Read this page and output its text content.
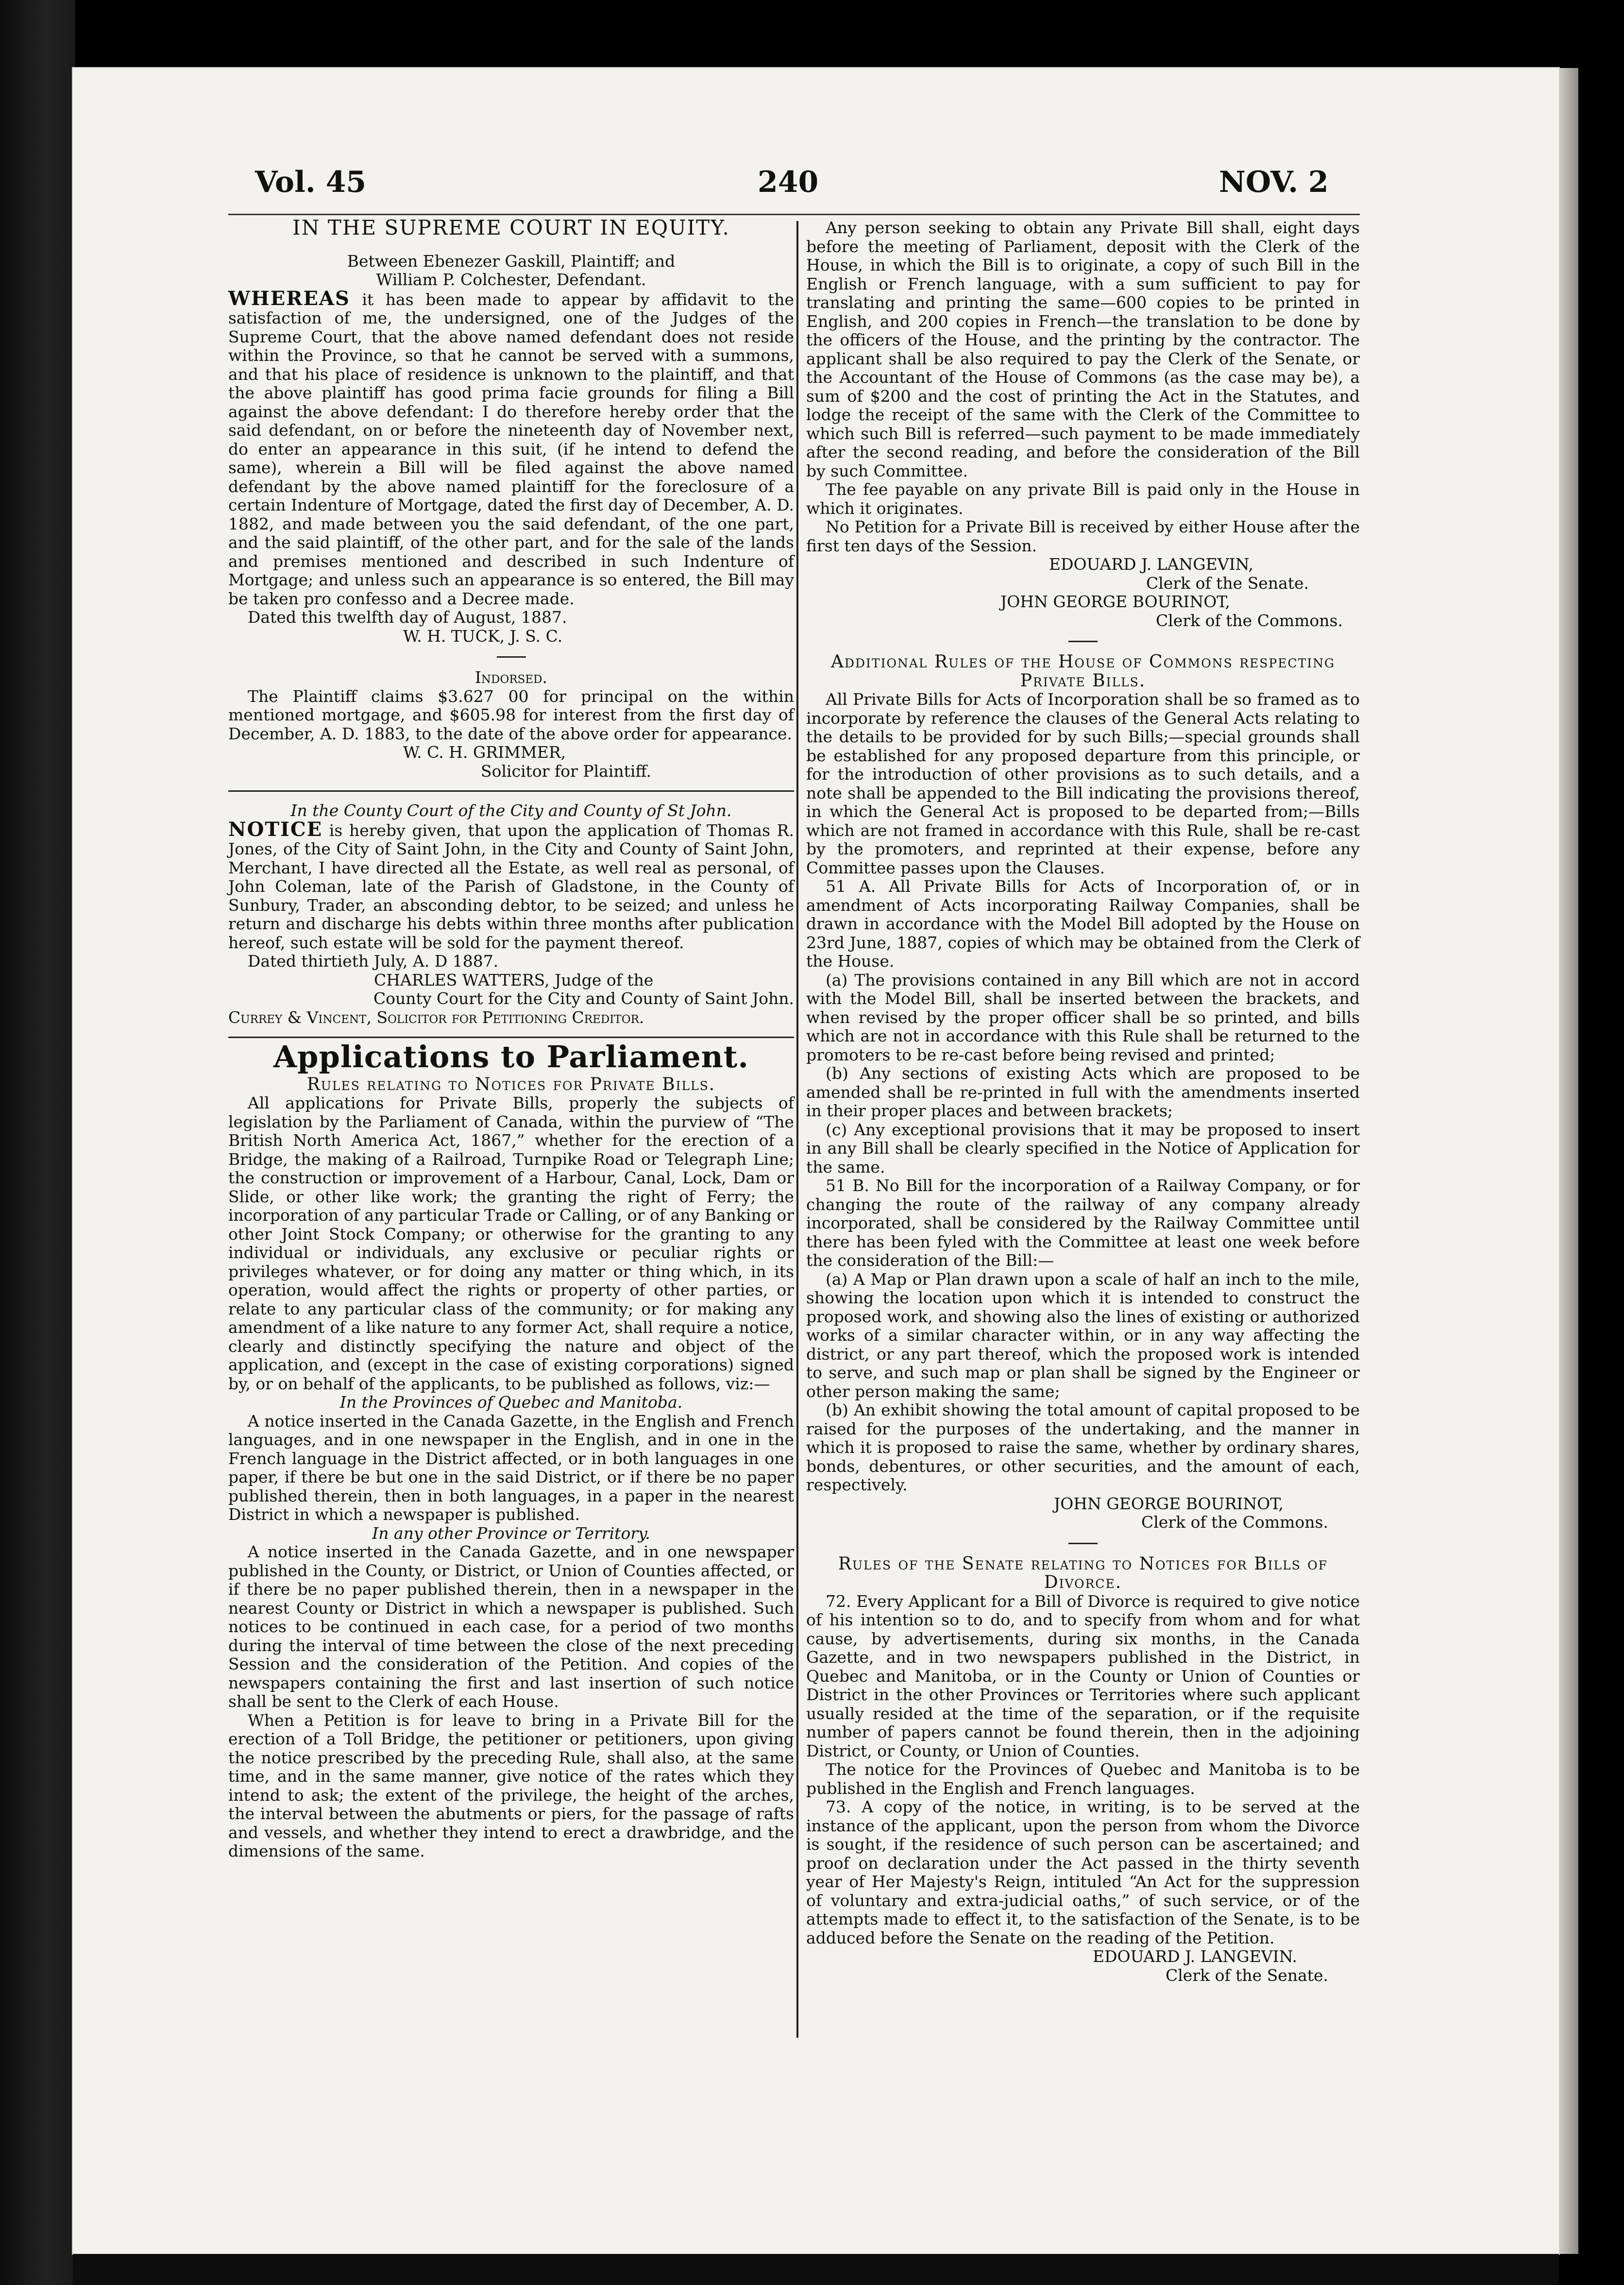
Vol. 45	240	NOV. 2

IN THE SUPREME COURT IN EQUITY.

Between Ebenezer Gaskill, Plaintiff; and

William P. Colchester, Defendant.

WHEREAS it has been made to appear by affidavit to the satisfaction of me, the undersigned, one of the Judges of the Supreme Court, that the above named defendant does not reside within the Province, so that he cannot be served with a summons, and that his place of residence is unknown to the plaintiff, and that the above plaintiff has good prima facie grounds for filing a Bill against the above defendant: I do therefore hereby order that the said defendant, on or before the nineteenth day of November next, do enter an appearance in this suit, (if he intend to defend the same), wherein a Bill will be filed against the above named defendant by the above named plaintiff for the foreclosure of a certain Indenture of Mortgage, dated the first day of December, A. D. 1882, and made between you the said defendant, of the one part, and the said plaintiff, of the other part, and for the sale of the lands and premises mentioned and described in such Indenture of Mortgage; and unless such an appearance is so entered, the Bill may be taken pro confesso and a Decree made.

Dated this twelfth day of August, 1887.

W. H. TUCK, J. S. C.

Indorsed.

The Plaintiff claims $3.627 00 for principal on the within mentioned mortgage, and $605.98 for interest from the first day of December, A. D. 1883, to the date of the above order for appearance.

W. C. H. GRIMMER,

Solicitor for Plaintiff.

In the County Court of the City and County of St John.

NOTICE is hereby given, that upon the application of Thomas R. Jones, of the City of Saint John, in the City and County of Saint John, Merchant, I have directed all the Estate, as well real as personal, of John Coleman, late of the Parish of Gladstone, in the County of Sunbury, Trader, an absconding debtor, to be seized; and unless he return and discharge his debts within three months after publication hereof, such estate will be sold for the payment thereof.

Dated thirtieth July, A. D 1887.

CHARLES WATTERS, Judge of the

County Court for the City and County of Saint John.

Currey & Vincent, Solicitor for Petitioning Creditor.

Applications to Parliament.

Rules relating to Notices for Private Bills.

All applications for Private Bills, properly the subjects of legislation by the Parliament of Canada, within the purview of “The British North America Act, 1867,” whether for the erection of a Bridge, the making of a Railroad, Turnpike Road or Telegraph Line; the construction or improvement of a Harbour, Canal, Lock, Dam or Slide, or other like work; the granting the right of Ferry; the incorporation of any particular Trade or Calling, or of any Banking or other Joint Stock Company; or otherwise for the granting to any individual or individuals, any exclusive or peculiar rights or privileges whatever, or for doing any matter or thing which, in its operation, would affect the rights or property of other parties, or relate to any particular class of the community; or for making any amendment of a like nature to any former Act, shall require a notice, clearly and distinctly specifying the nature and object of the application, and (except in the case of existing corporations) signed by, or on behalf of the applicants, to be published as follows, viz:—

In the Provinces of Quebec and Manitoba.

A notice inserted in the Canada Gazette, in the English and French languages, and in one newspaper in the English, and in one in the French language in the District affected, or in both languages in one paper, if there be but one in the said District, or if there be no paper published therein, then in both languages, in a paper in the nearest District in which a newspaper is published.

In any other Province or Territory.

A notice inserted in the Canada Gazette, and in one newspaper published in the County, or District, or Union of Counties affected, or if there be no paper published therein, then in a newspaper in the nearest County or District in which a newspaper is published. Such notices to be continued in each case, for a period of two months during the interval of time between the close of the next preceding Session and the consideration of the Petition. And copies of the newspapers containing the first and last insertion of such notice shall be sent to the Clerk of each House.

When a Petition is for leave to bring in a Private Bill for the erection of a Toll Bridge, the petitioner or petitioners, upon giving the notice prescribed by the preceding Rule, shall also, at the same time, and in the same manner, give notice of the rates which they intend to ask; the extent of the privilege, the height of the arches, the interval between the abutments or piers, for the passage of rafts and vessels, and whether they intend to erect a drawbridge, and the dimensions of the same.

Any person seeking to obtain any Private Bill shall, eight days before the meeting of Parliament, deposit with the Clerk of the House, in which the Bill is to originate, a copy of such Bill in the English or French language, with a sum sufficient to pay for translating and printing the same—600 copies to be printed in English, and 200 copies in French—the translation to be done by the officers of the House, and the printing by the contractor. The applicant shall be also required to pay the Clerk of the Senate, or the Accountant of the House of Commons (as the case may be), a sum of $200 and the cost of printing the Act in the Statutes, and lodge the receipt of the same with the Clerk of the Committee to which such Bill is referred—such payment to be made immediately after the second reading, and before the consideration of the Bill by such Committee.

The fee payable on any private Bill is paid only in the House in which it originates.

No Petition for a Private Bill is received by either House after the first ten days of the Session.

EDOUARD J. LANGEVIN,

Clerk of the Senate.

JOHN GEORGE BOURINOT,

Clerk of the Commons.

Additional Rules of the House of Commons respecting Private Bills.

All Private Bills for Acts of Incorporation shall be so framed as to incorporate by reference the clauses of the General Acts relating to the details to be provided for by such Bills;—special grounds shall be established for any proposed departure from this principle, or for the introduction of other provisions as to such details, and a note shall be appended to the Bill indicating the provisions thereof, in which the General Act is proposed to be departed from;—Bills which are not framed in accordance with this Rule, shall be re-cast by the promoters, and reprinted at their expense, before any Committee passes upon the Clauses.

51 A. All Private Bills for Acts of Incorporation of, or in amendment of Acts incorporating Railway Companies, shall be drawn in accordance with the Model Bill adopted by the House on 23rd June, 1887, copies of which may be obtained from the Clerk of the House.

(a) The provisions contained in any Bill which are not in accord with the Model Bill, shall be inserted between the brackets, and when revised by the proper officer shall be so printed, and bills which are not in accordance with this Rule shall be returned to the promoters to be re-cast before being revised and printed;

(b) Any sections of existing Acts which are proposed to be amended shall be re-printed in full with the amendments inserted in their proper places and between brackets;

(c) Any exceptional provisions that it may be proposed to insert in any Bill shall be clearly specified in the Notice of Application for the same.

51 B. No Bill for the incorporation of a Railway Company, or for changing the route of the railway of any company already incorporated, shall be considered by the Railway Committee until there has been fyled with the Committee at least one week before the consideration of the Bill:—

(a) A Map or Plan drawn upon a scale of half an inch to the mile, showing the location upon which it is intended to construct the proposed work, and showing also the lines of existing or authorized works of a similar character within, or in any way affecting the district, or any part thereof, which the proposed work is intended to serve, and such map or plan shall be signed by the Engineer or other person making the same;

(b) An exhibit showing the total amount of capital proposed to be raised for the purposes of the undertaking, and the manner in which it is proposed to raise the same, whether by ordinary shares, bonds, debentures, or other securities, and the amount of each, respectively.

JOHN GEORGE BOURINOT,

Clerk of the Commons.

Rules of the Senate relating to Notices for Bills of Divorce.

72. Every Applicant for a Bill of Divorce is required to give notice of his intention so to do, and to specify from whom and for what cause, by advertisements, during six months, in the Canada Gazette, and in two newspapers published in the District, in Quebec and Manitoba, or in the County or Union of Counties or District in the other Provinces or Territories where such applicant usually resided at the time of the separation, or if the requisite number of papers cannot be found therein, then in the adjoining District, or County, or Union of Counties.

The notice for the Provinces of Quebec and Manitoba is to be published in the English and French languages.

73. A copy of the notice, in writing, is to be served at the instance of the applicant, upon the person from whom the Divorce is sought, if the residence of such person can be ascertained; and proof on declaration under the Act passed in the thirty seventh year of Her Majesty's Reign, intituled “An Act for the suppression of voluntary and extra-judicial oaths,” of such service, or of the attempts made to effect it, to the satisfaction of the Senate, is to be adduced before the Senate on the reading of the Petition.

EDOUARD J. LANGEVIN.

Clerk of the Senate.
